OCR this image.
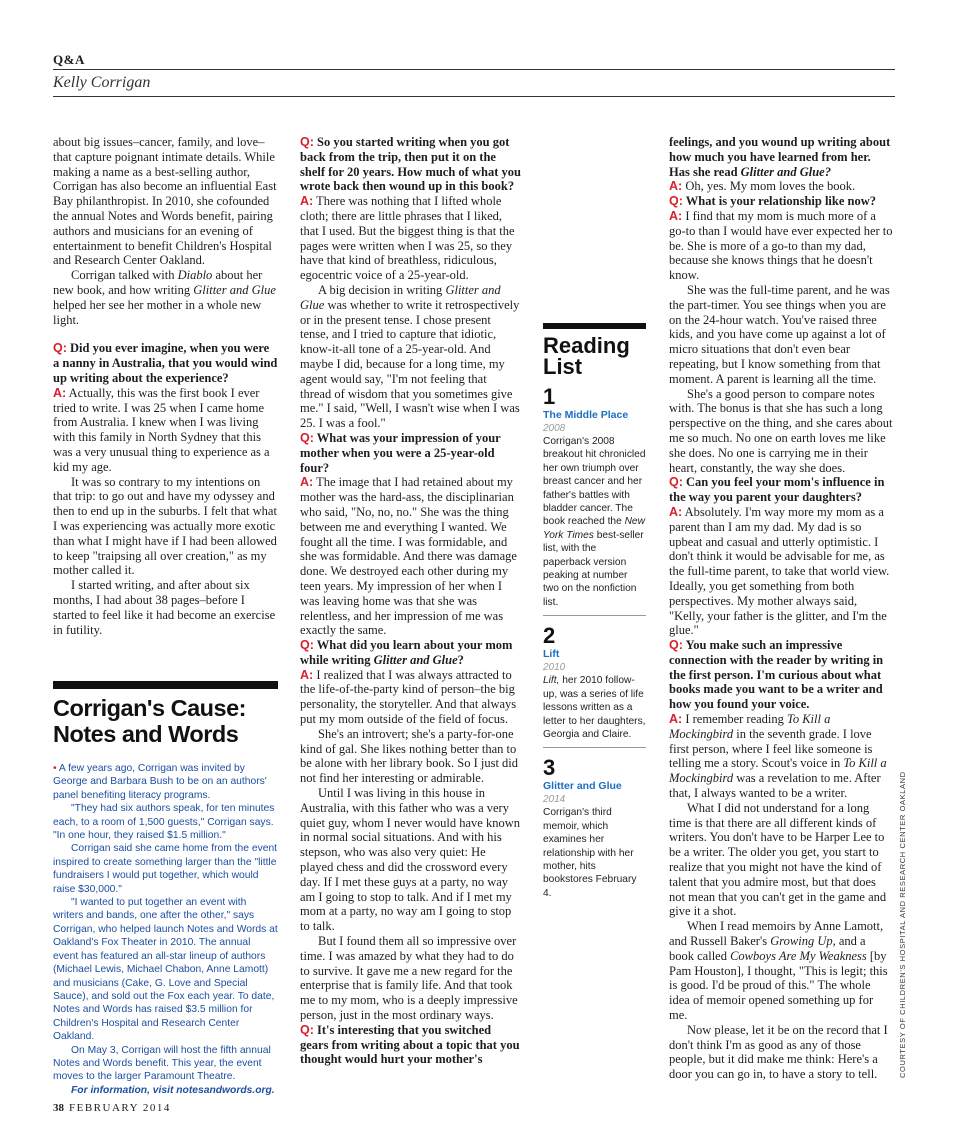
Q&A
Kelly Corrigan

about big issues–cancer, family, and love–that capture poignant intimate details. While making a name as a best-selling author, Corrigan has also become an influential East Bay philanthropist. In 2010, she cofounded the annual Notes and Words benefit, pairing authors and musicians for an evening of entertainment to benefit Children's Hospital and Research Center Oakland.

Corrigan talked with Diablo about her new book, and how writing Glitter and Glue helped her see her mother in a whole new light.

Q: Did you ever imagine, when you were a nanny in Australia, that you would wind up writing about the experience?

A: Actually, this was the first book I ever tried to write. I was 25 when I came home from Australia. I knew when I was living with this family in North Sydney that this was a very unusual thing to experience as a kid my age.

It was so contrary to my intentions on that trip: to go out and have my odyssey and then to end up in the suburbs. I felt that what I was experiencing was actually more exotic than what I might have if I had been allowed to keep "traipsing all over creation," as my mother called it.

I started writing, and after about six months, I had about 38 pages–before I started to feel like it had become an exercise in futility.

Corrigan's Cause: Notes and Words

• A few years ago, Corrigan was invited by George and Barbara Bush to be on an authors' panel benefiting literacy programs.

"They had six authors speak, for ten minutes each, to a room of 1,500 guests," Corrigan says. "In one hour, they raised $1.5 million."

Corrigan said she came home from the event inspired to create something larger than the "little fundraisers I would put together, which would raise $30,000."

"I wanted to put together an event with writers and bands, one after the other," says Corrigan, who helped launch Notes and Words at Oakland's Fox Theater in 2010. The annual event has featured an all-star lineup of authors (Michael Lewis, Michael Chabon, Anne Lamott) and musicians (Cake, G. Love and Special Sauce), and sold out the Fox each year. To date, Notes and Words has raised $3.5 million for Children's Hospital and Research Center Oakland.

On May 3, Corrigan will host the fifth annual Notes and Words benefit. This year, the event moves to the larger Paramount Theatre.

For information, visit notesandwords.org.

Q: So you started writing when you got back from the trip, then put it on the shelf for 20 years. How much of what you wrote back then wound up in this book?

A: There was nothing that I lifted whole cloth; there are little phrases that I liked, that I used. But the biggest thing is that the pages were written when I was 25, so they have that kind of breathless, ridiculous, egocentric voice of a 25-year-old.

A big decision in writing Glitter and Glue was whether to write it retrospectively or in the present tense. I chose present tense, and I tried to capture that idiotic, know-it-all tone of a 25-year-old. And maybe I did, because for a long time, my agent would say, "I'm not feeling that thread of wisdom that you sometimes give me." I said, "Well, I wasn't wise when I was 25. I was a fool."

Q: What was your impression of your mother when you were a 25-year-old four?

A: The image that I had retained about my mother was the hard-ass, the disciplinarian who said, "No, no, no." She was the thing between me and everything I wanted. We fought all the time. I was formidable, and she was formidable. And there was damage done. We destroyed each other during my teen years. My impression of her when I was leaving home was that she was relentless, and her impression of me was exactly the same.

Q: What did you learn about your mom while writing Glitter and Glue?

A: I realized that I was always attracted to the life-of-the-party kind of person–the big personality, the storyteller. And that always put my mom outside of the field of focus.

She's an introvert; she's a party-for-one kind of gal. She likes nothing better than to be alone with her library book. So I just did not find her interesting or admirable.

Until I was living in this house in Australia, with this father who was a very quiet guy, whom I never would have known in normal social situations. And with his stepson, who was also very quiet: He played chess and did the crossword every day. If I met these guys at a party, no way am I going to stop to talk. And if I met my mom at a party, no way am I going to stop to talk.

But I found them all so impressive over time. I was amazed by what they had to do to survive. It gave me a new regard for the enterprise that is family life. And that took me to my mom, who is a deeply impressive person, just in the most ordinary ways.

Q: It's interesting that you switched gears from writing about a topic that you thought would hurt your mother's

Reading List
1
The Middle Place
2008
Corrigan's 2008 breakout hit chronicled her own triumph over breast cancer and her father's battles with bladder cancer. The book reached the New York Times best-seller list, with the paperback version peaking at number two on the nonfiction list.
2
Lift
2010
Lift, her 2010 follow-up, was a series of life lessons written as a letter to her daughters, Georgia and Claire.
3
Glitter and Glue
2014
Corrigan's third memoir, which examines her relationship with her mother, hits bookstores February 4.

feelings, and you wound up writing about how much you have learned from her. Has she read Glitter and Glue?

A: Oh, yes. My mom loves the book.

Q: What is your relationship like now?

A: I find that my mom is much more of a go-to than I would have ever expected her to be. She is more of a go-to than my dad, because she knows things that he doesn't know.

She was the full-time parent, and he was the part-timer. You see things when you are on the 24-hour watch. You've raised three kids, and you have come up against a lot of micro situations that don't even bear repeating, but I know something from that moment. A parent is learning all the time.

She's a good person to compare notes with. The bonus is that she has such a long perspective on the thing, and she cares about me so much. No one on earth loves me like she does. No one is carrying me in their heart, constantly, the way she does.

Q: Can you feel your mom's influence in the way you parent your daughters?

A: Absolutely. I'm way more my mom as a parent than I am my dad. My dad is so upbeat and casual and utterly optimistic. I don't think it would be advisable for me, as the full-time parent, to take that world view. Ideally, you get something from both perspectives. My mother always said, "Kelly, your father is the glitter, and I'm the glue."

Q: You make such an impressive connection with the reader by writing in the first person. I'm curious about what books made you want to be a writer and how you found your voice.

A: I remember reading To Kill a Mockingbird in the seventh grade. I love first person, where I feel like someone is telling me a story. Scout's voice in To Kill a Mockingbird was a revelation to me. After that, I always wanted to be a writer.

What I did not understand for a long time is that there are all different kinds of writers. You don't have to be Harper Lee to be a writer. The older you get, you start to realize that you might not have the kind of talent that you admire most, but that does not mean that you can't get in the game and give it a shot.

When I read memoirs by Anne Lamott, and Russell Baker's Growing Up, and a book called Cowboys Are My Weakness [by Pam Houston], I thought, "This is legit; this is good. I'd be proud of this." The whole idea of memoir opened something up for me.

Now please, let it be on the record that I don't think I'm as good as any of those people, but it did make me think: Here's a door you can go in, to have a story to tell.	COURTESY OF CHILDREN'S HOSPITAL AND RESEARCH CENTER OAKLAND
38 FEBRUARY 2014
